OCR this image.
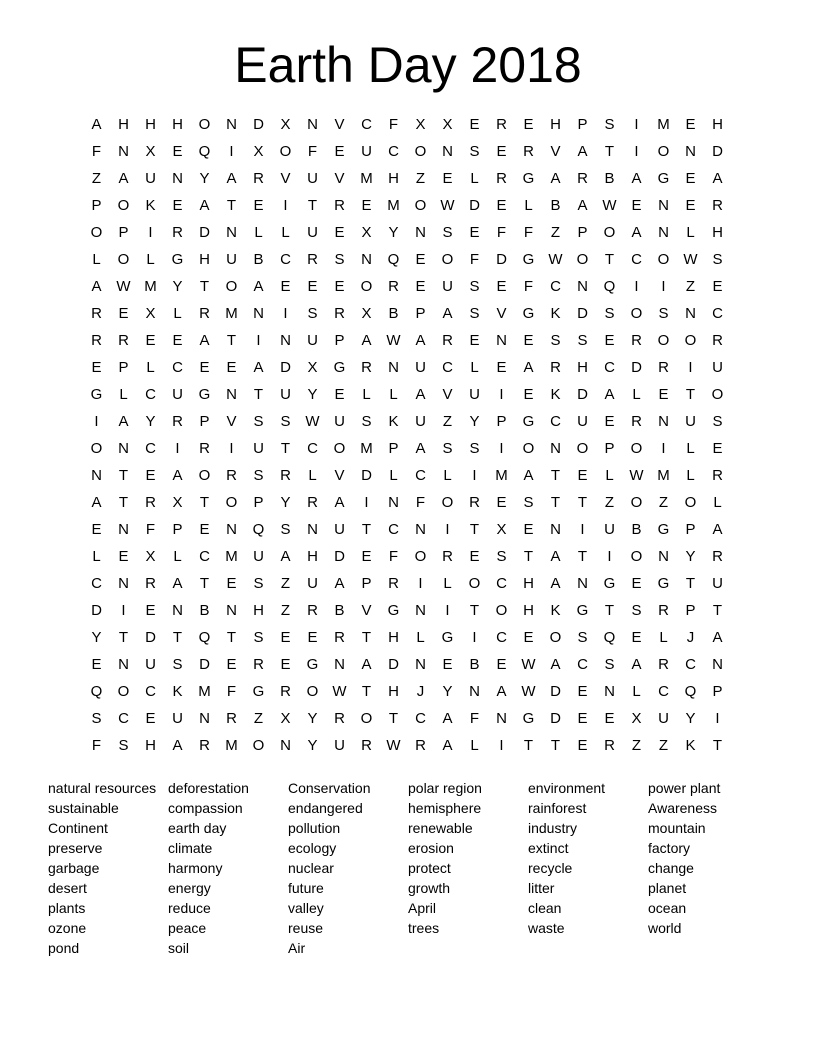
Earth Day 2018
A	H	H	H	O	N	D	X	N	V	C	F	X	X	E	R	E	H	P	S	I	M	E	H
F	N	X	E	Q	I	X	O	F	E	U	C	O	N	S	E	R	V	A	T	I	O	N	D
Z	A	U	N	Y	A	R	V	U	V	M	H	Z	E	L	R	G	A	R	B	A	G	E	A
P	O	K	E	A	T	E	I	T	R	E	M O W D	E	L	B	A W E	N	E	R
O	P	I	R	D	N	L	L	U	E	X	Y	N	S	E	F	F	Z	P	O	A	N	L	H
L	O	L	G	H	U	B	C	R	S	N	Q	E	O	F	D	G W O	T	C	O W S
A W M	Y	T	O	A	E	E	E	O	R	E	U	S	E	F	C	N	Q	I	I	Z	E
R	E	X	L	R	M	N	I	S	R	X	B	P	A	S	V	G	K	D	S	O	S	N	C
R	R	E	E	A	T	I	N	U	P	A W A	R	E	N	E	S	S	E	R	O	O	R
E	P	L	C	E	E	A	D	X	G	R	N	U	C	L	E	A	R	H	C	D	R	I	U
G	L	C	U	G	N	T	U	Y	E	L	L	A	V	U	I	E	K	D	A	L	E	T	O
I	A	Y	R	P	V	S	S W U	S	K	U	Z	Y	P	G	C	U	E	R	N	U	S
O	N	C	I	R	I	U	T	C	O M	P	A	S	S	I	O	N	O	P	O	I	L	E
N	T	E	A	O	R	S	R	L	V	D	L	C	L	I	M	A	T	E	L	W M	L	R
A	T	R	X	T	O	P	Y	R	A	I	N	F	O	R	E	S	T	T	Z	O	Z	O	L
E	N	F	P	E	N	Q	S	N	U	T	C	N	I	T	X	E	N	I	U	B	G	P	A
L	E	X	L	C	M	U	A	H	D	E	F	O	R	E	S	T	A	T	I	O	N	Y	R
C	N	R	A	T	E	S	Z	U	A	P	R	I	L	O	C	H	A	N	G	E	G	T	U
D	I	E	N	B	N	H	Z	R	B	V	G	N	I	T	O	H	K	G	T	S	R	P	T
Y	T	D	T	Q	T	S	E	E	R	T	H	L	G	I	C	E	O	S	Q	E	L	J	A
E	N	U	S	D	E	R	E	G	N	A	D	N	E	B	E W A	C	S	A	R	C	N
Q	O	C	K	M	F	G	R	O W	T	H	J	Y	N	A W D	E	N	L	C	Q	P
S	C	E	U	N	R	Z	X	Y	R	O	T	C	A	F	N	G	D	E	E	X	U	Y	I
F	S	H	A	R	M O	N	Y	U	R W R	A	L	I	T	T	E	R	Z	Z	K	T
natural resources
sustainable
Continent
preserve
garbage
desert
plants
ozone
pond
deforestation
compassion
earth day
climate
harmony
energy
reduce
peace
soil
Conservation
endangered
pollution
ecology
nuclear
future
valley
reuse
Air
polar region
hemisphere
renewable
erosion
protect
growth
April
trees
environment
rainforest
industry
extinct
recycle
litter
clean
waste
power plant
Awareness
mountain
factory
change
planet
ocean
world
